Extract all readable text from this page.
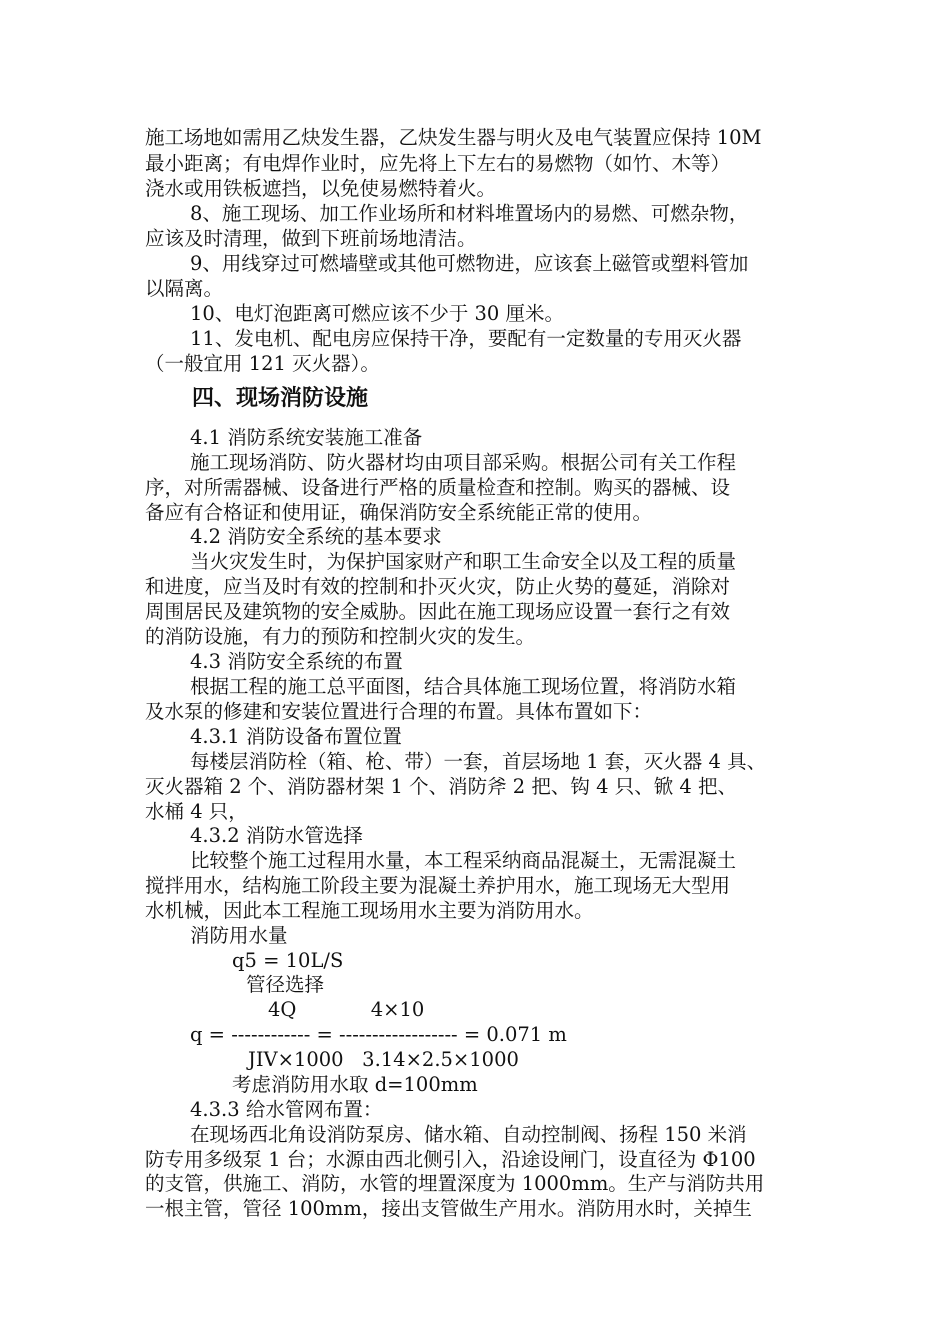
施工场地如需用乙炔发生器，乙炔发生器与明火及电气装置应保持 10M
最小距离；有电焊作业时，应先将上下左右的易燃物（如竹、木等）
浇水或用铁板遮挡，以免使易燃特着火。
8、施工现场、加工作业场所和材料堆置场内的易燃、可燃杂物，
应该及时清理，做到下班前场地清洁。
9、用线穿过可燃墙壁或其他可燃物进，应该套上磁管或塑料管加
以隔离。
10、电灯泡距离可燃应该不少于 30 厘米。
11、发电机、配电房应保持干净，要配有一定数量的专用灭火器
（一般宜用 121 灭火器）。
四、现场消防设施
4.1 消防系统安装施工准备
施工现场消防、防火器材均由项目部采购。根据公司有关工作程
序，对所需器械、设备进行严格的质量检查和控制。购买的器械、设
备应有合格证和使用证，确保消防安全系统能正常的使用。
4.2 消防安全系统的基本要求
当火灾发生时，为保护国家财产和职工生命安全以及工程的质量
和进度，应当及时有效的控制和扑灭火灾，防止火势的蔓延，消除对
周围居民及建筑物的安全威胁。因此在施工现场应设置一套行之有效
的消防设施，有力的预防和控制火灾的发生。
4.3 消防安全系统的布置
根据工程的施工总平面图，结合具体施工现场位置，将消防水箱
及水泵的修建和安装位置进行合理的布置。具体布置如下：
4.3.1 消防设备布置位置
每楼层消防栓（箱、枪、带）一套，首层场地 1 套，灭火器 4 具、
灭火器箱 2 个、消防器材架 1 个、消防斧 2 把、钩 4 只、锨 4 把、
水桶 4 只，
4.3.2 消防水管选择
比较整个施工过程用水量，本工程采纳商品混凝土，无需混凝土
搅拌用水，结构施工阶段主要为混凝土养护用水，施工现场无大型用
水机械，因此本工程施工现场用水主要为消防用水。
消防用水量
q5 = 10L/S
管径选择
4Q            4×10
q = ------------ = ------------------ = 0.071 m
JIV×1000   3.14×2.5×1000
考虑消防用水取 d=100mm
4.3.3 给水管网布置：
在现场西北角设消防泵房、储水箱、自动控制阀、扬程 150 米消
防专用多级泵 1 台；水源由西北侧引入，沿途设闸门，设直径为 Φ100
的支管，供施工、消防，水管的埋置深度为 1000mm。生产与消防共用
一根主管，管径 100mm，接出支管做生产用水。消防用水时，关掉生
